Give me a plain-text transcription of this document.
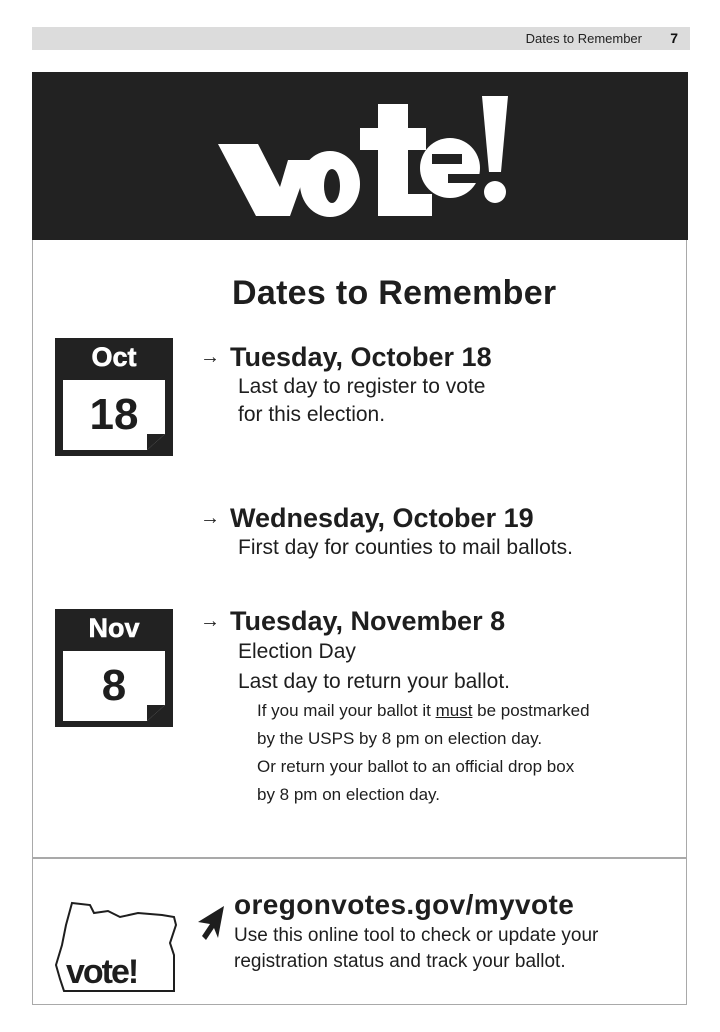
Dates to Remember 7
Dates to Remember
Oct
18
Nov
8
→ Tuesday, October 18
Last day to register to vote
for this election.
→ Wednesday, October 19
First day for counties to mail ballots.
→ Tuesday, November 8
Election Day
Last day to return your ballot.
If you mail your ballot it must be postmarked
by the USPS by 8 pm on election day.
Or return your ballot to an official drop box
by 8 pm on election day.
vote!
oregonvotes.gov/myvote
Use this online tool to check or update your
registration status and track your ballot.
